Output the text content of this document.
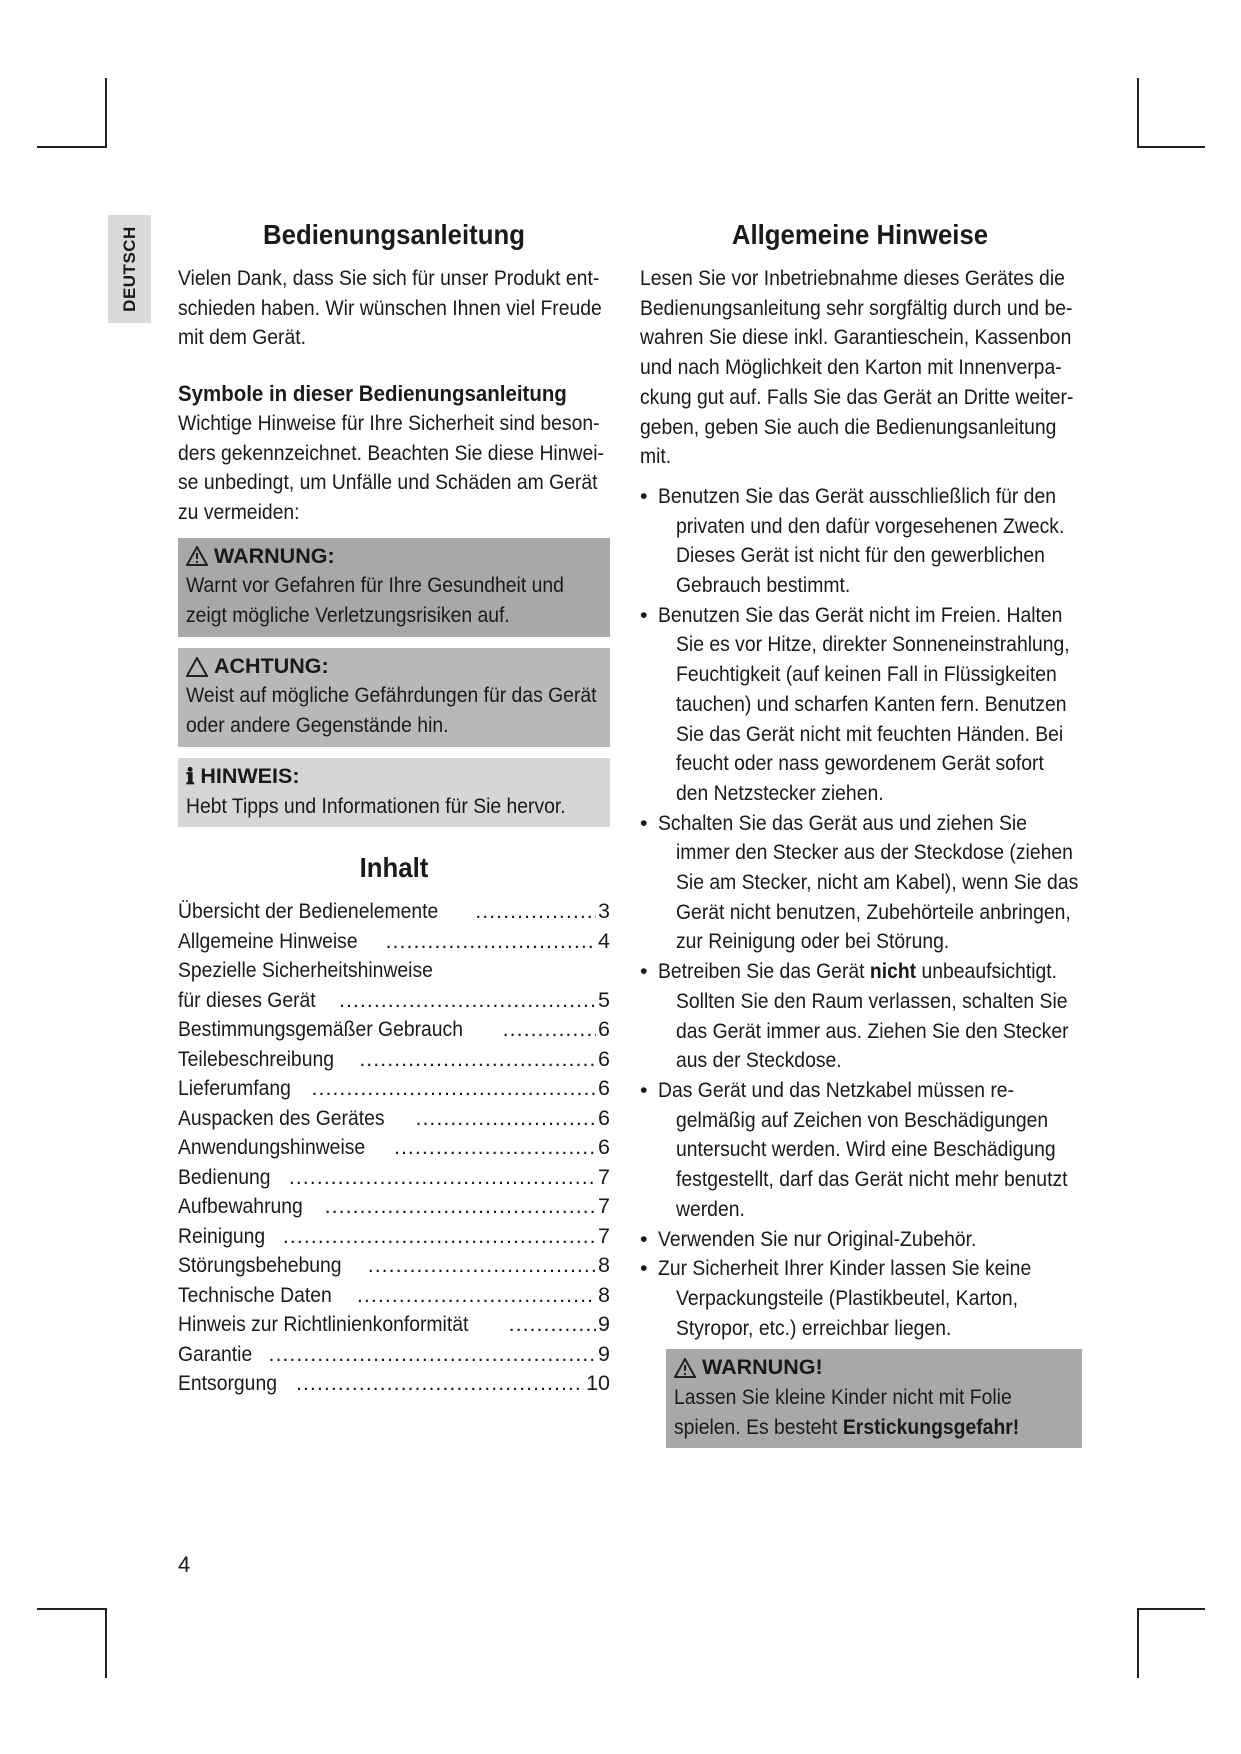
DEUTSCH	Bedienungsanleitung

Vielen Dank, dass Sie sich für unser Produkt ent-
schieden haben. Wir wünschen Ihnen viel Freude
mit dem Gerät.

Symbole in dieser Bedienungsanleitung

Wichtige Hinweise für Ihre Sicherheit sind beson-
ders gekennzeichnet. Beachten Sie diese Hinwei-
se unbedingt, um Unfälle und Schäden am Gerät
zu vermeiden:

WARNUNG:
Warnt vor Gefahren für Ihre Gesundheit und
zeigt mögliche Verletzungsrisiken auf.
ACHTUNG:
Weist auf mögliche Gefährdungen für das Gerät
oder andere Gegenstände hin.
ℹ HINWEIS:
Hebt Tipps und Informationen für Sie hervor.
Inhalt
Übersicht der Bedienelemente .....	3
Allgemeine Hinweise .....	4
Spezielle Sicherheitshinweise
für dieses Gerät .....	5
Bestimmungsgemäßer Gebrauch .....	6
Teilebeschreibung .....	6
Lieferumfang .....	6
Auspacken des Gerätes .....	6
Anwendungshinweise .....	6
Bedienung .....	7
Aufbewahrung .....	7
Reinigung .....	7
Störungsbehebung .....	8
Technische Daten .....	8
Hinweis zur Richtlinienkonformität .....	9
Garantie .....	9
Entsorgung .....	10
Allgemeine Hinweise

Lesen Sie vor Inbetriebnahme dieses Gerätes die
Bedienungsanleitung sehr sorgfältig durch und be-
wahren Sie diese inkl. Garantieschein, Kassenbon
und nach Möglichkeit den Karton mit Innenverpa-
ckung gut auf. Falls Sie das Gerät an Dritte weiter-
geben, geben Sie auch die Bedienungsanleitung
mit.

• Benutzen Sie das Gerät ausschließlich für den
privaten und den dafür vorgesehenen Zweck.
Dieses Gerät ist nicht für den gewerblichen
Gebrauch bestimmt.
• Benutzen Sie das Gerät nicht im Freien. Halten
Sie es vor Hitze, direkter Sonneneinstrahlung,
Feuchtigkeit (auf keinen Fall in Flüssigkeiten
tauchen) und scharfen Kanten fern. Benutzen
Sie das Gerät nicht mit feuchten Händen. Bei
feucht oder nass gewordenem Gerät sofort
den Netzstecker ziehen.
• Schalten Sie das Gerät aus und ziehen Sie
immer den Stecker aus der Steckdose (ziehen
Sie am Stecker, nicht am Kabel), wenn Sie das
Gerät nicht benutzen, Zubehörteile anbringen,
zur Reinigung oder bei Störung.
• Betreiben Sie das Gerät nicht unbeaufsichtigt.
Sollten Sie den Raum verlassen, schalten Sie
das Gerät immer aus. Ziehen Sie den Stecker
aus der Steckdose.
• Das Gerät und das Netzkabel müssen re-
gelmäßig auf Zeichen von Beschädigungen
untersucht werden. Wird eine Beschädigung
festgestellt, darf das Gerät nicht mehr benutzt
werden.
• Verwenden Sie nur Original-Zubehör.
• Zur Sicherheit Ihrer Kinder lassen Sie keine
Verpackungsteile (Plastikbeutel, Karton,
Styropor, etc.) erreichbar liegen.
WARNUNG!
Lassen Sie kleine Kinder nicht mit Folie
spielen. Es besteht Erstickungsgefahr!
4
